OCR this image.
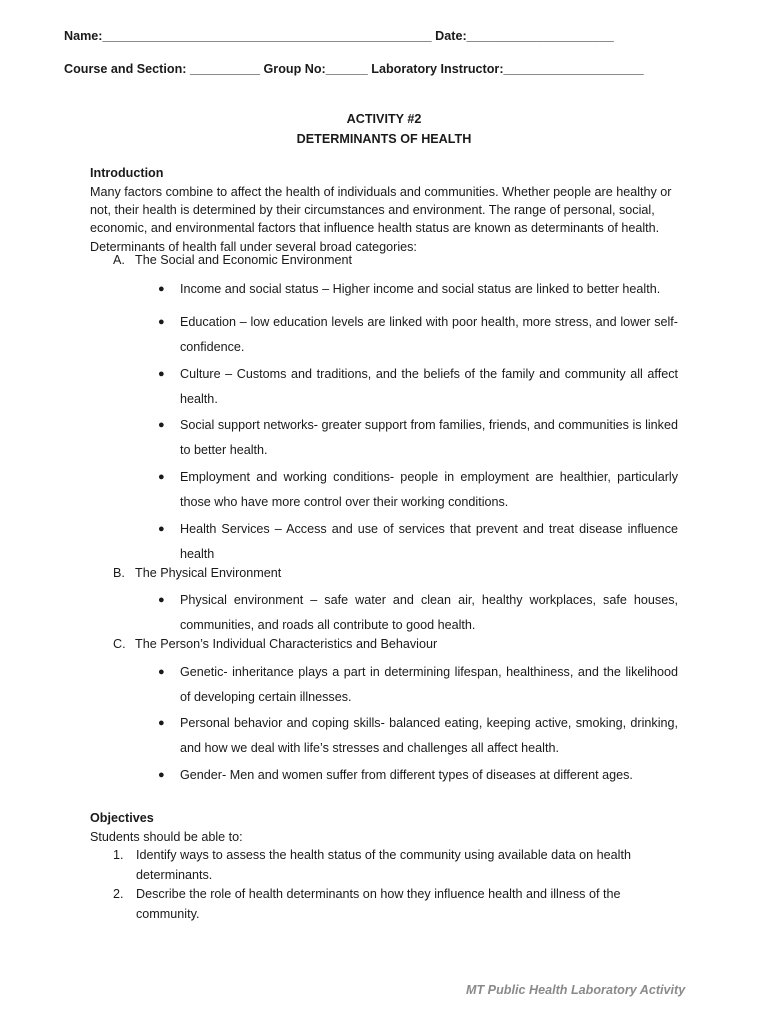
Name:_______________________________________________ Date:_____________________
Course and Section: __________ Group No:______ Laboratory Instructor:____________________
ACTIVITY #2
DETERMINANTS OF HEALTH
Introduction
Many factors combine to affect the health of individuals and communities. Whether people are healthy or not, their health is determined by their circumstances and environment. The range of personal, social, economic, and environmental factors that influence health status are known as determinants of health. Determinants of health fall under several broad categories:
A. The Social and Economic Environment
● Income and social status – Higher income and social status are linked to better health.
● Education – low education levels are linked with poor health, more stress, and lower self-confidence.
● Culture – Customs and traditions, and the beliefs of the family and community all affect health.
● Social support networks- greater support from families, friends, and communities is linked to better health.
● Employment and working conditions- people in employment are healthier, particularly those who have more control over their working conditions.
● Health Services – Access and use of services that prevent and treat disease influence health
B. The Physical Environment
● Physical environment – safe water and clean air, healthy workplaces, safe houses, communities, and roads all contribute to good health.
C. The Person’s Individual Characteristics and Behaviour
● Genetic- inheritance plays a part in determining lifespan, healthiness, and the likelihood of developing certain illnesses.
● Personal behavior and coping skills- balanced eating, keeping active, smoking, drinking, and how we deal with life’s stresses and challenges all affect health.
● Gender- Men and women suffer from different types of diseases at different ages.
Objectives
Students should be able to:
1. Identify ways to assess the health status of the community using available data on health determinants.
2. Describe the role of health determinants on how they influence health and illness of the community.
MT Public Health Laboratory Activity
